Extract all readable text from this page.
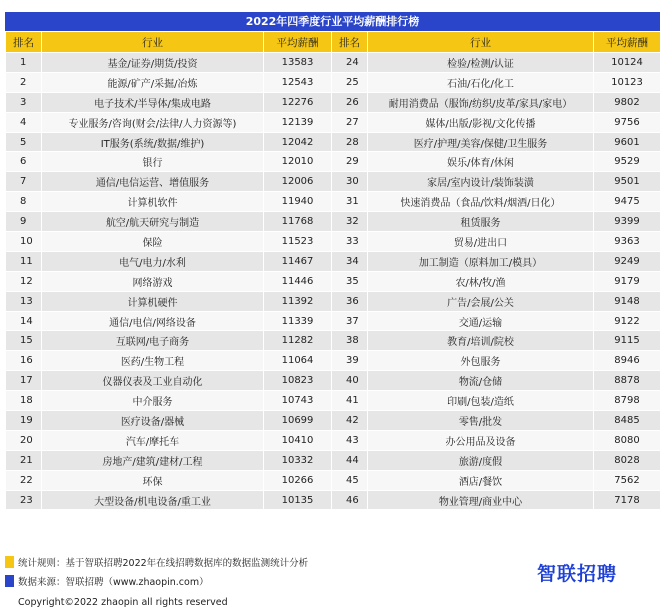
2022年四季度行业平均薪酬排行榜
排名	行业	平均薪酬	排名	行业	平均薪酬
1	基金/证券/期货/投资	13583	24	检验/检测/认证	10124
2	能源/矿产/采掘/冶炼	12543	25	石油/石化/化工	10123
3	电子技术/半导体/集成电路	12276	26	耐用消费品（服饰/纺织/皮革/家具/家电）	9802
4	专业服务/咨询(财会/法律/人力资源等)	12139	27	媒体/出版/影视/文化传播	9756
5	IT服务(系统/数据/维护)	12042	28	医疗/护理/美容/保健/卫生服务	9601
6	银行	12010	29	娱乐/体育/休闲	9529
7	通信/电信运营、增值服务	12006	30	家居/室内设计/装饰装潢	9501
8	计算机软件	11940	31	快速消费品（食品/饮料/烟酒/日化）	9475
9	航空/航天研究与制造	11768	32	租赁服务	9399
10	保险	11523	33	贸易/进出口	9363
11	电气/电力/水利	11467	34	加工制造（原料加工/模具）	9249
12	网络游戏	11446	35	农/林/牧/渔	9179
13	计算机硬件	11392	36	广告/会展/公关	9148
14	通信/电信/网络设备	11339	37	交通/运输	9122
15	互联网/电子商务	11282	38	教育/培训/院校	9115
16	医药/生物工程	11064	39	外包服务	8946
17	仪器仪表及工业自动化	10823	40	物流/仓储	8878
18	中介服务	10743	41	印刷/包装/造纸	8798
19	医疗设备/器械	10699	42	零售/批发	8485
20	汽车/摩托车	10410	43	办公用品及设备	8080
21	房地产/建筑/建材/工程	10332	44	旅游/度假	8028
22	环保	10266	45	酒店/餐饮	7562
23	大型设备/机电设备/重工业	10135	46	物业管理/商业中心	7178
统计规则：基于智联招聘2022年在线招聘数据库的数据监测统计分析
数据来源：智联招聘（www.zhaopin.com）	智联招聘
Copyright©2022 zhaopin all rights reserved
